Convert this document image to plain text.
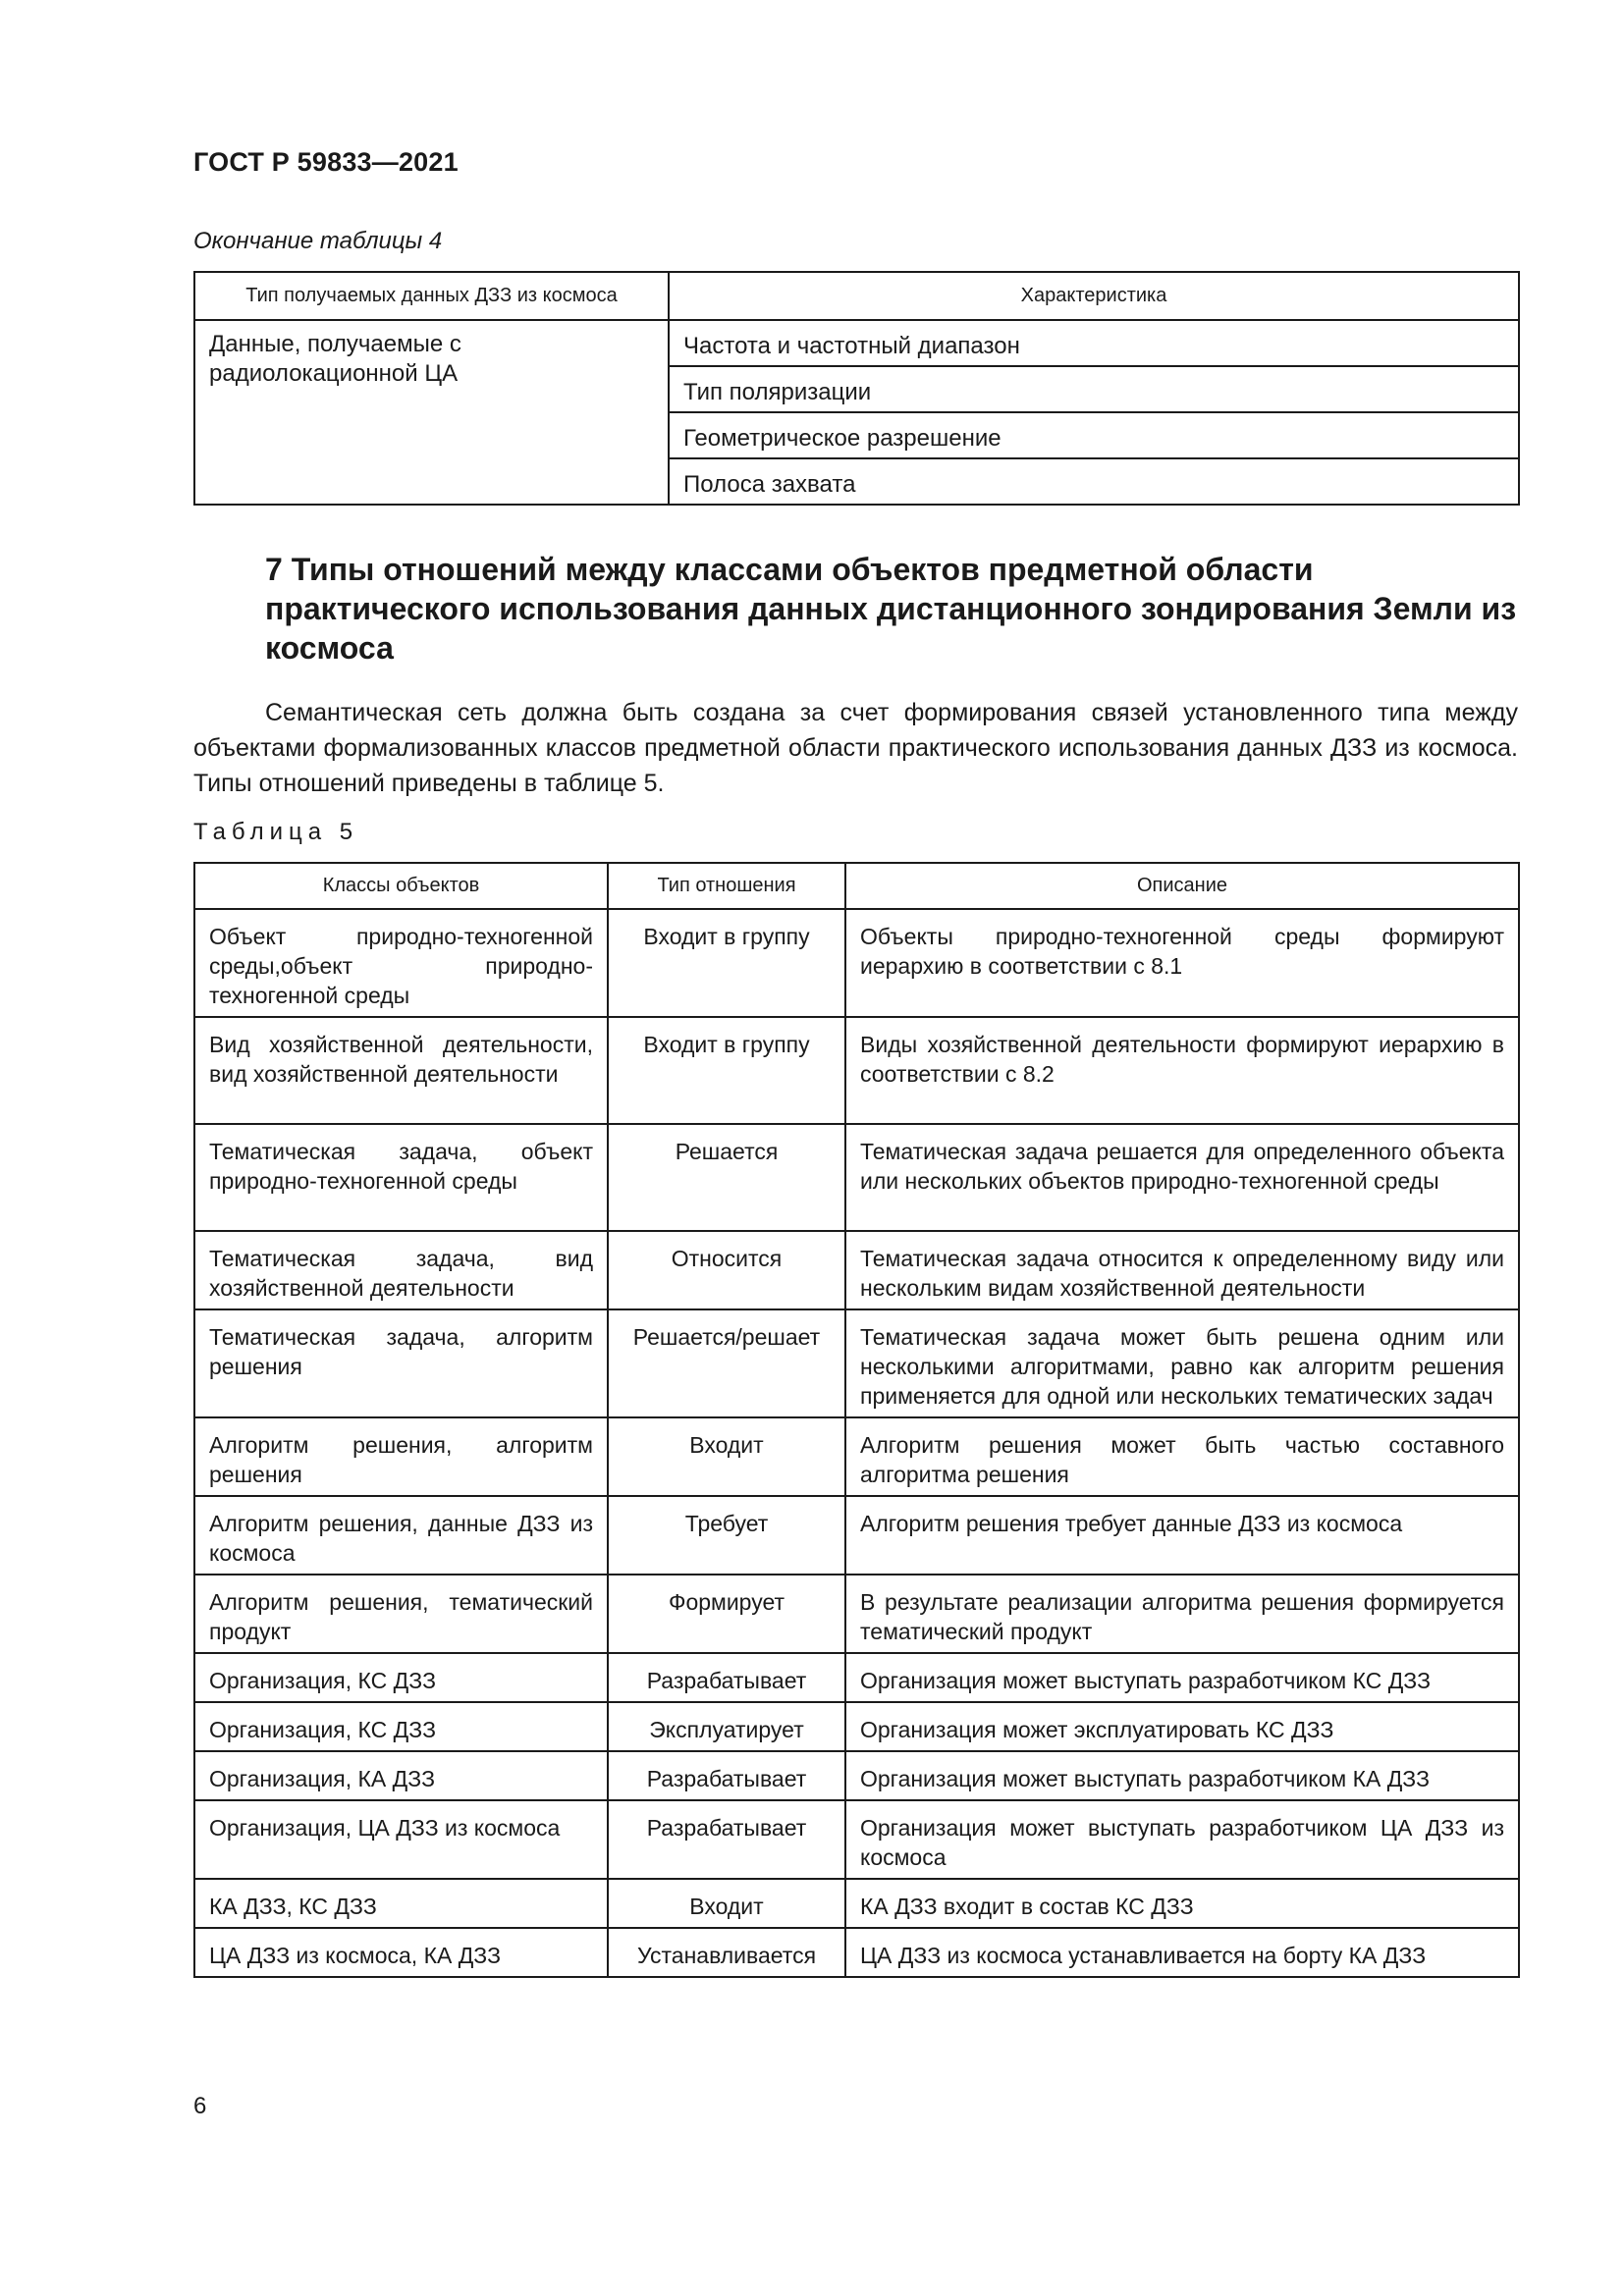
ГОСТ Р 59833—2021
Окончание таблицы 4
Тип получаемых данных ДЗЗ из космоса	Характеристика

Данные, получаемые с радиолокационной ЦА	Частота и частотный диапазон
	Тип поляризации
	Геометрическое разрешение
	Полоса захвата
7 Типы отношений между классами объектов предметной области практического использования данных дистанционного зондирования Земли из космоса
Семантическая сеть должна быть создана за счет формирования связей установленного типа между объектами формализованных классов предметной области практического использования данных ДЗЗ из космоса. Типы отношений приведены в таблице 5.
Таблица 5
Классы объектов	Тип отношения	Описание
Объект природно-техногенной среды,объект природно-техногенной среды	Входит в группу	Объекты природно-техногенной среды формируют иерархию в соответствии с 8.1
Вид хозяйственной деятельности, вид хозяйственной деятельности	Входит в группу	Виды хозяйственной деятельности формируют иерархию в соответствии с 8.2
Тематическая задача, объект природно-техногенной среды	Решается	Тематическая задача решается для определенного объекта или нескольких объектов природно-техногенной среды
Тематическая задача, вид хозяйственной деятельности	Относится	Тематическая задача относится к определенному виду или нескольким видам хозяйственной деятельности
Тематическая задача, алгоритм решения	Решается/решает	Тематическая задача может быть решена одним или несколькими алгоритмами, равно как алгоритм решения применяется для одной или нескольких тематических задач
Алгоритм решения, алгоритм решения	Входит	Алгоритм решения может быть частью составного алгоритма решения
Алгоритм решения, данные ДЗЗ из космоса	Требует	Алгоритм решения требует данные ДЗЗ из космоса
Алгоритм решения, тематический продукт	Формирует	В результате реализации алгоритма решения формируется тематический продукт
Организация, КС ДЗЗ	Разрабатывает	Организация может выступать разработчиком КС ДЗЗ
Организация, КС ДЗЗ	Эксплуатирует	Организация может эксплуатировать КС ДЗЗ
Организация, КА ДЗЗ	Разрабатывает	Организация может выступать разработчиком КА ДЗЗ
Организация, ЦА ДЗЗ из космоса	Разрабатывает	Организация может выступать разработчиком ЦА ДЗЗ из космоса
КА ДЗЗ, КС ДЗЗ	Входит	КА ДЗЗ входит в состав КС ДЗЗ
ЦА ДЗЗ из космоса, КА ДЗЗ	Устанавливается	ЦА ДЗЗ из космоса устанавливается на борту КА ДЗЗ
6
